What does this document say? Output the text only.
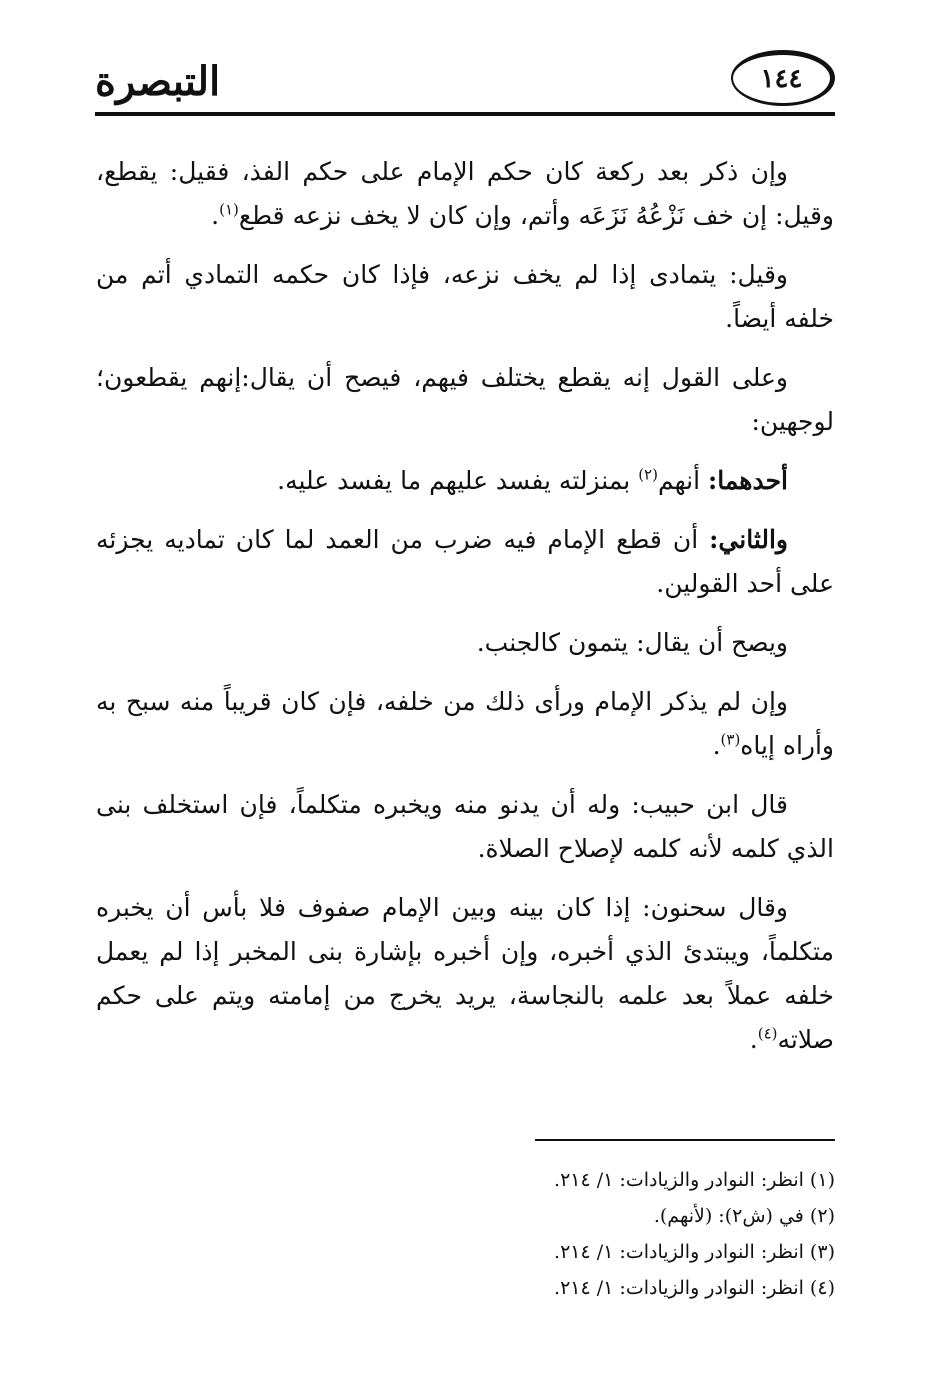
التبصرة	١٤٤

وإن ذكر بعد ركعة كان حكم الإمام على حكم الفذ، فقيل: يقطع، وقيل: إن خف نَزْعُهُ نَزَعَه وأتم، وإن كان لا يخف نزعه قطع$^{(١)}$.

وقيل: يتمادى إذا لم يخف نزعه، فإذا كان حكمه التمادي أتم من خلفه أيضاً.

وعلى القول إنه يقطع يختلف فيهم، فيصح أن يقال:إنهم يقطعون؛ لوجهين:

أحدهما: أنهم$^{(٢)}$ بمنزلته يفسد عليهم ما يفسد عليه.

والثاني: أن قطع الإمام فيه ضرب من العمد لما كان تماديه يجزئه على أحد القولين.

ويصح أن يقال: يتمون كالجنب.

وإن لم يذكر الإمام ورأى ذلك من خلفه، فإن كان قريباً منه سبح به وأراه إياه$^{(٣)}$.

قال ابن حبيب: وله أن يدنو منه ويخبره متكلماً، فإن استخلف بنى الذي كلمه لأنه كلمه لإصلاح الصلاة.

وقال سحنون: إذا كان بينه وبين الإمام صفوف فلا بأس أن يخبره متكلماً، ويبتدئ الذي أخبره، وإن أخبره بإشارة بنى المخبر إذا لم يعمل خلفه عملاً بعد علمه بالنجاسة، يريد يخرج من إمامته ويتم على حكم صلاته$^{(٤)}$.

(١) انظر: النوادر والزيادات: ١/ ٢١٤.

(٢) في (ش٢): (لأنهم).

(٣) انظر: النوادر والزيادات: ١/ ٢١٤.

(٤) انظر: النوادر والزيادات: ١/ ٢١٤.
